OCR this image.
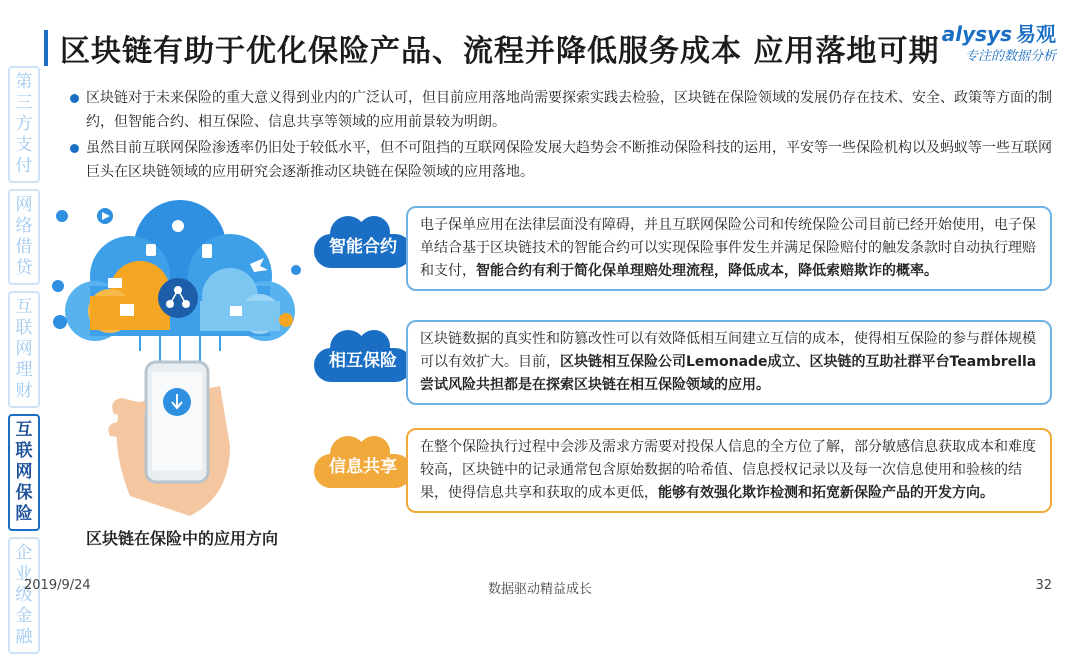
区块链有助于优化保险产品、流程并降低服务成本 应用落地可期 alysys 易观
专注的数据分析
第三方支付
网络借贷
互联网理财
互联网保险
企业级金融
区块链对于未来保险的重大意义得到业内的广泛认可，但目前应用落地尚需要探索实践去检验，区块链在保险领域的发展仍存在技术、安全、政策等方面的制约，但智能合约、相互保险、信息共享等领域的应用前景较为明朗。
虽然目前互联网保险渗透率仍旧处于较低水平，但不可阻挡的互联网保险发展大趋势会不断推动保险科技的运用，平安等一些保险机构以及蚂蚁等一些互联网巨头在区块链领域的应用研究会逐渐推动区块链在保险领域的应用落地。
区块链在保险中的应用方向
智能合约
相互保险
信息共享
电子保单应用在法律层面没有障碍，并且互联网保险公司和传统保险公司目前已经开始使用，电子保单结合基于区块链技术的智能合约可以实现保险事件发生并满足保险赔付的触发条款时自动执行理赔和支付，智能合约有利于简化保单理赔处理流程，降低成本，降低索赔欺诈的概率。
区块链数据的真实性和防篡改性可以有效降低相互间建立互信的成本，使得相互保险的参与群体规模可以有效扩大。目前，区块链相互保险公司Lemonade成立、区块链的互助社群平台Teambrella尝试风险共担都是在探索区块链在相互保险领域的应用。
在整个保险执行过程中会涉及需求方需要对投保人信息的全方位了解，部分敏感信息获取成本和难度较高，区块链中的记录通常包含原始数据的哈希值、信息授权记录以及每一次信息使用和验核的结果，使得信息共享和获取的成本更低，能够有效强化欺诈检测和拓宽新保险产品的开发方向。
数据驱动精益成长
2019/9/24	32
